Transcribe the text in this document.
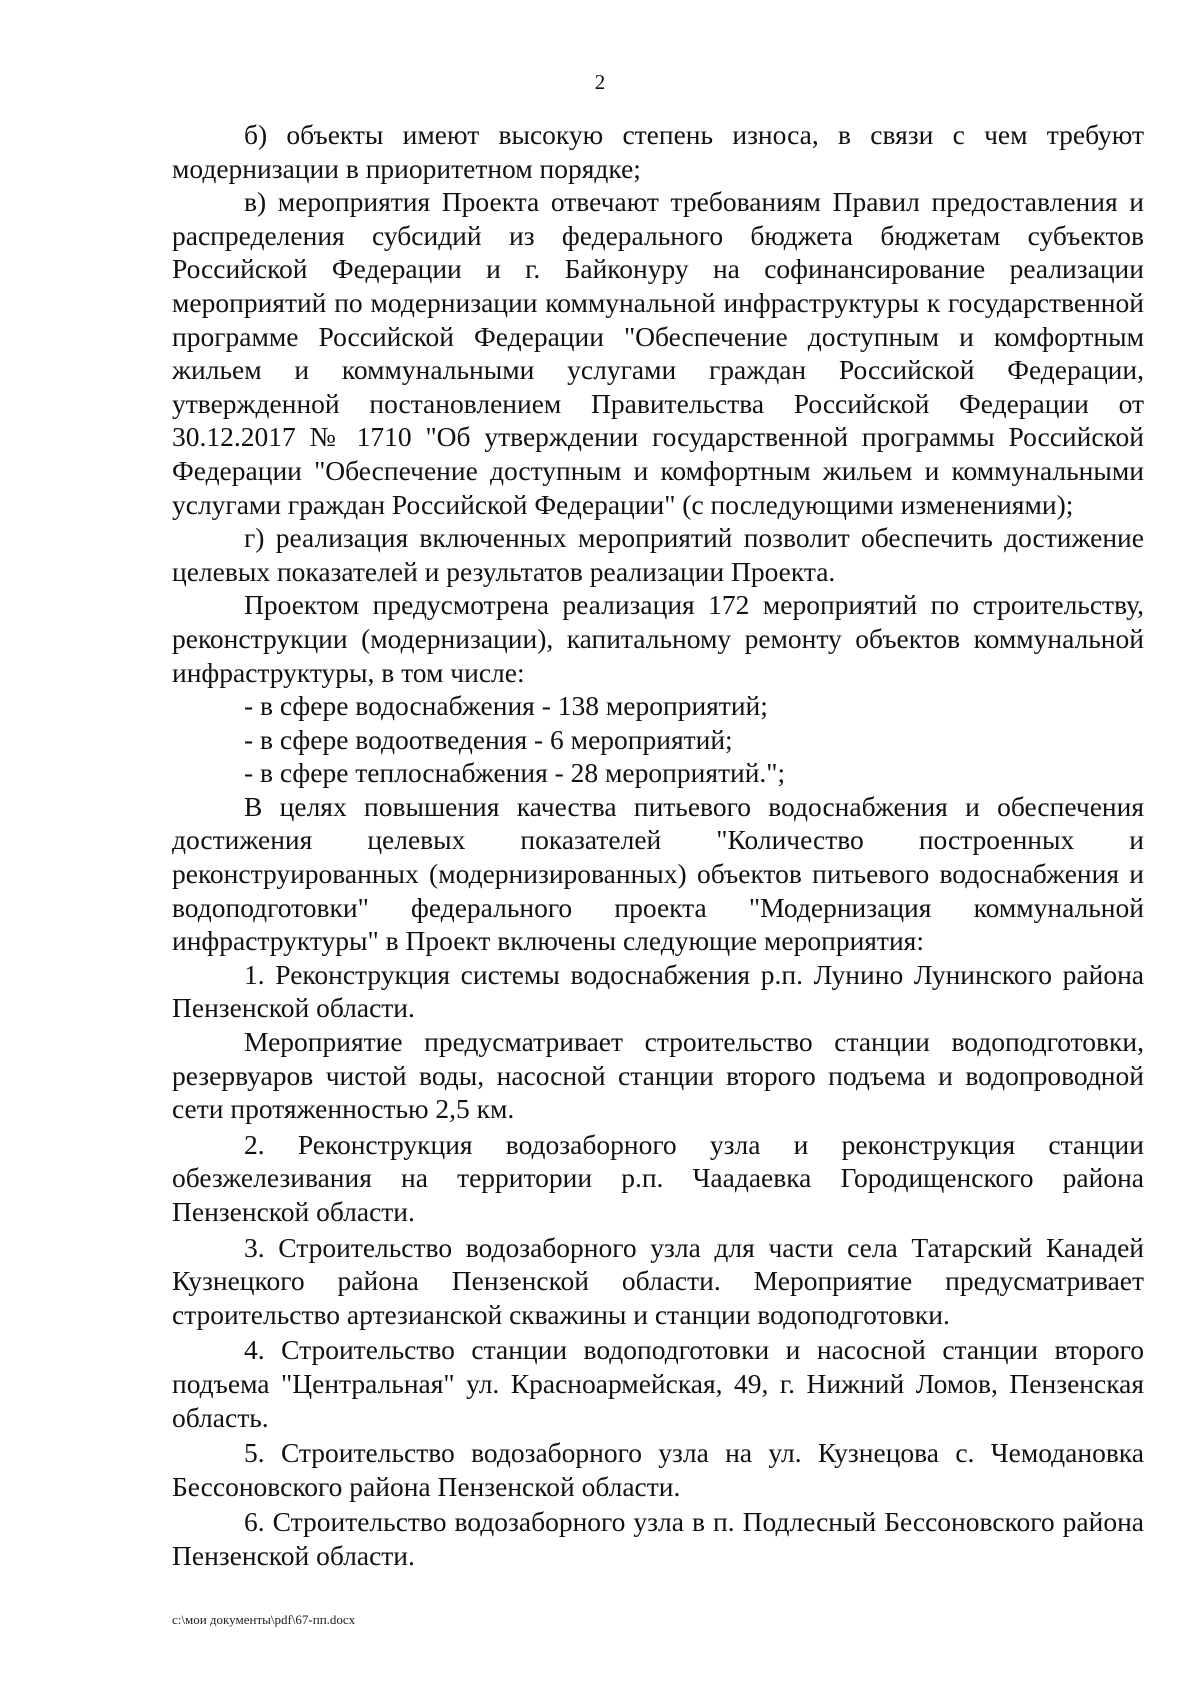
2

б) объекты имеют высокую степень износа, в связи с чем требуют модернизации в приоритетном порядке;

в) мероприятия Проекта отвечают требованиям Правил предоставления и распределения субсидий из федерального бюджета бюджетам субъектов Российской Федерации и г. Байконуру на софинансирование реализации мероприятий по модернизации коммунальной инфраструктуры к государственной программе Российской Федерации "Обеспечение доступным и комфортным жильем и коммунальными услугами граждан Российской Федерации, утвержденной постановлением Правительства Российской Федерации от 30.12.2017 № 1710 "Об утверждении государственной программы Российской Федерации "Обеспечение доступным и комфортным жильем и коммунальными услугами граждан Российской Федерации" (с последующими изменениями);

г) реализация включенных мероприятий позволит обеспечить достижение целевых показателей и результатов реализации Проекта.

Проектом предусмотрена реализация 172 мероприятий по строительству, реконструкции (модернизации), капитальному ремонту объектов коммунальной инфраструктуры, в том числе:

- в сфере водоснабжения - 138 мероприятий;

- в сфере водоотведения - 6 мероприятий;

- в сфере теплоснабжения - 28 мероприятий.";

В целях повышения качества питьевого водоснабжения и обеспечения достижения целевых показателей "Количество построенных и реконструированных (модернизированных) объектов питьевого водоснабжения и водоподготовки" федерального проекта "Модернизация коммунальной инфраструктуры" в Проект включены следующие мероприятия:

1. Реконструкция системы водоснабжения р.п. Лунино Лунинского района Пензенской области.

Мероприятие предусматривает строительство станции водоподготовки, резервуаров чистой воды, насосной станции второго подъема и водопроводной сети протяженностью 2,5 км.

2. Реконструкция водозаборного узла и реконструкция станции обезжелезивания на территории р.п. Чаадаевка Городищенского района Пензенской области.

3. Строительство водозаборного узла для части села Татарский Канадей Кузнецкого района Пензенской области. Мероприятие предусматривает строительство артезианской скважины и станции водоподготовки.

4. Строительство станции водоподготовки и насосной станции второго подъема "Центральная" ул. Красноармейская, 49, г. Нижний Ломов, Пензенская область.

5. Строительство водозаборного узла на ул. Кузнецова с. Чемодановка Бессоновского района Пензенской области.

6. Строительство водозаборного узла в п. Подлесный Бессоновского района Пензенской области.

c:\мои документы\pdf\67-пп.docx
